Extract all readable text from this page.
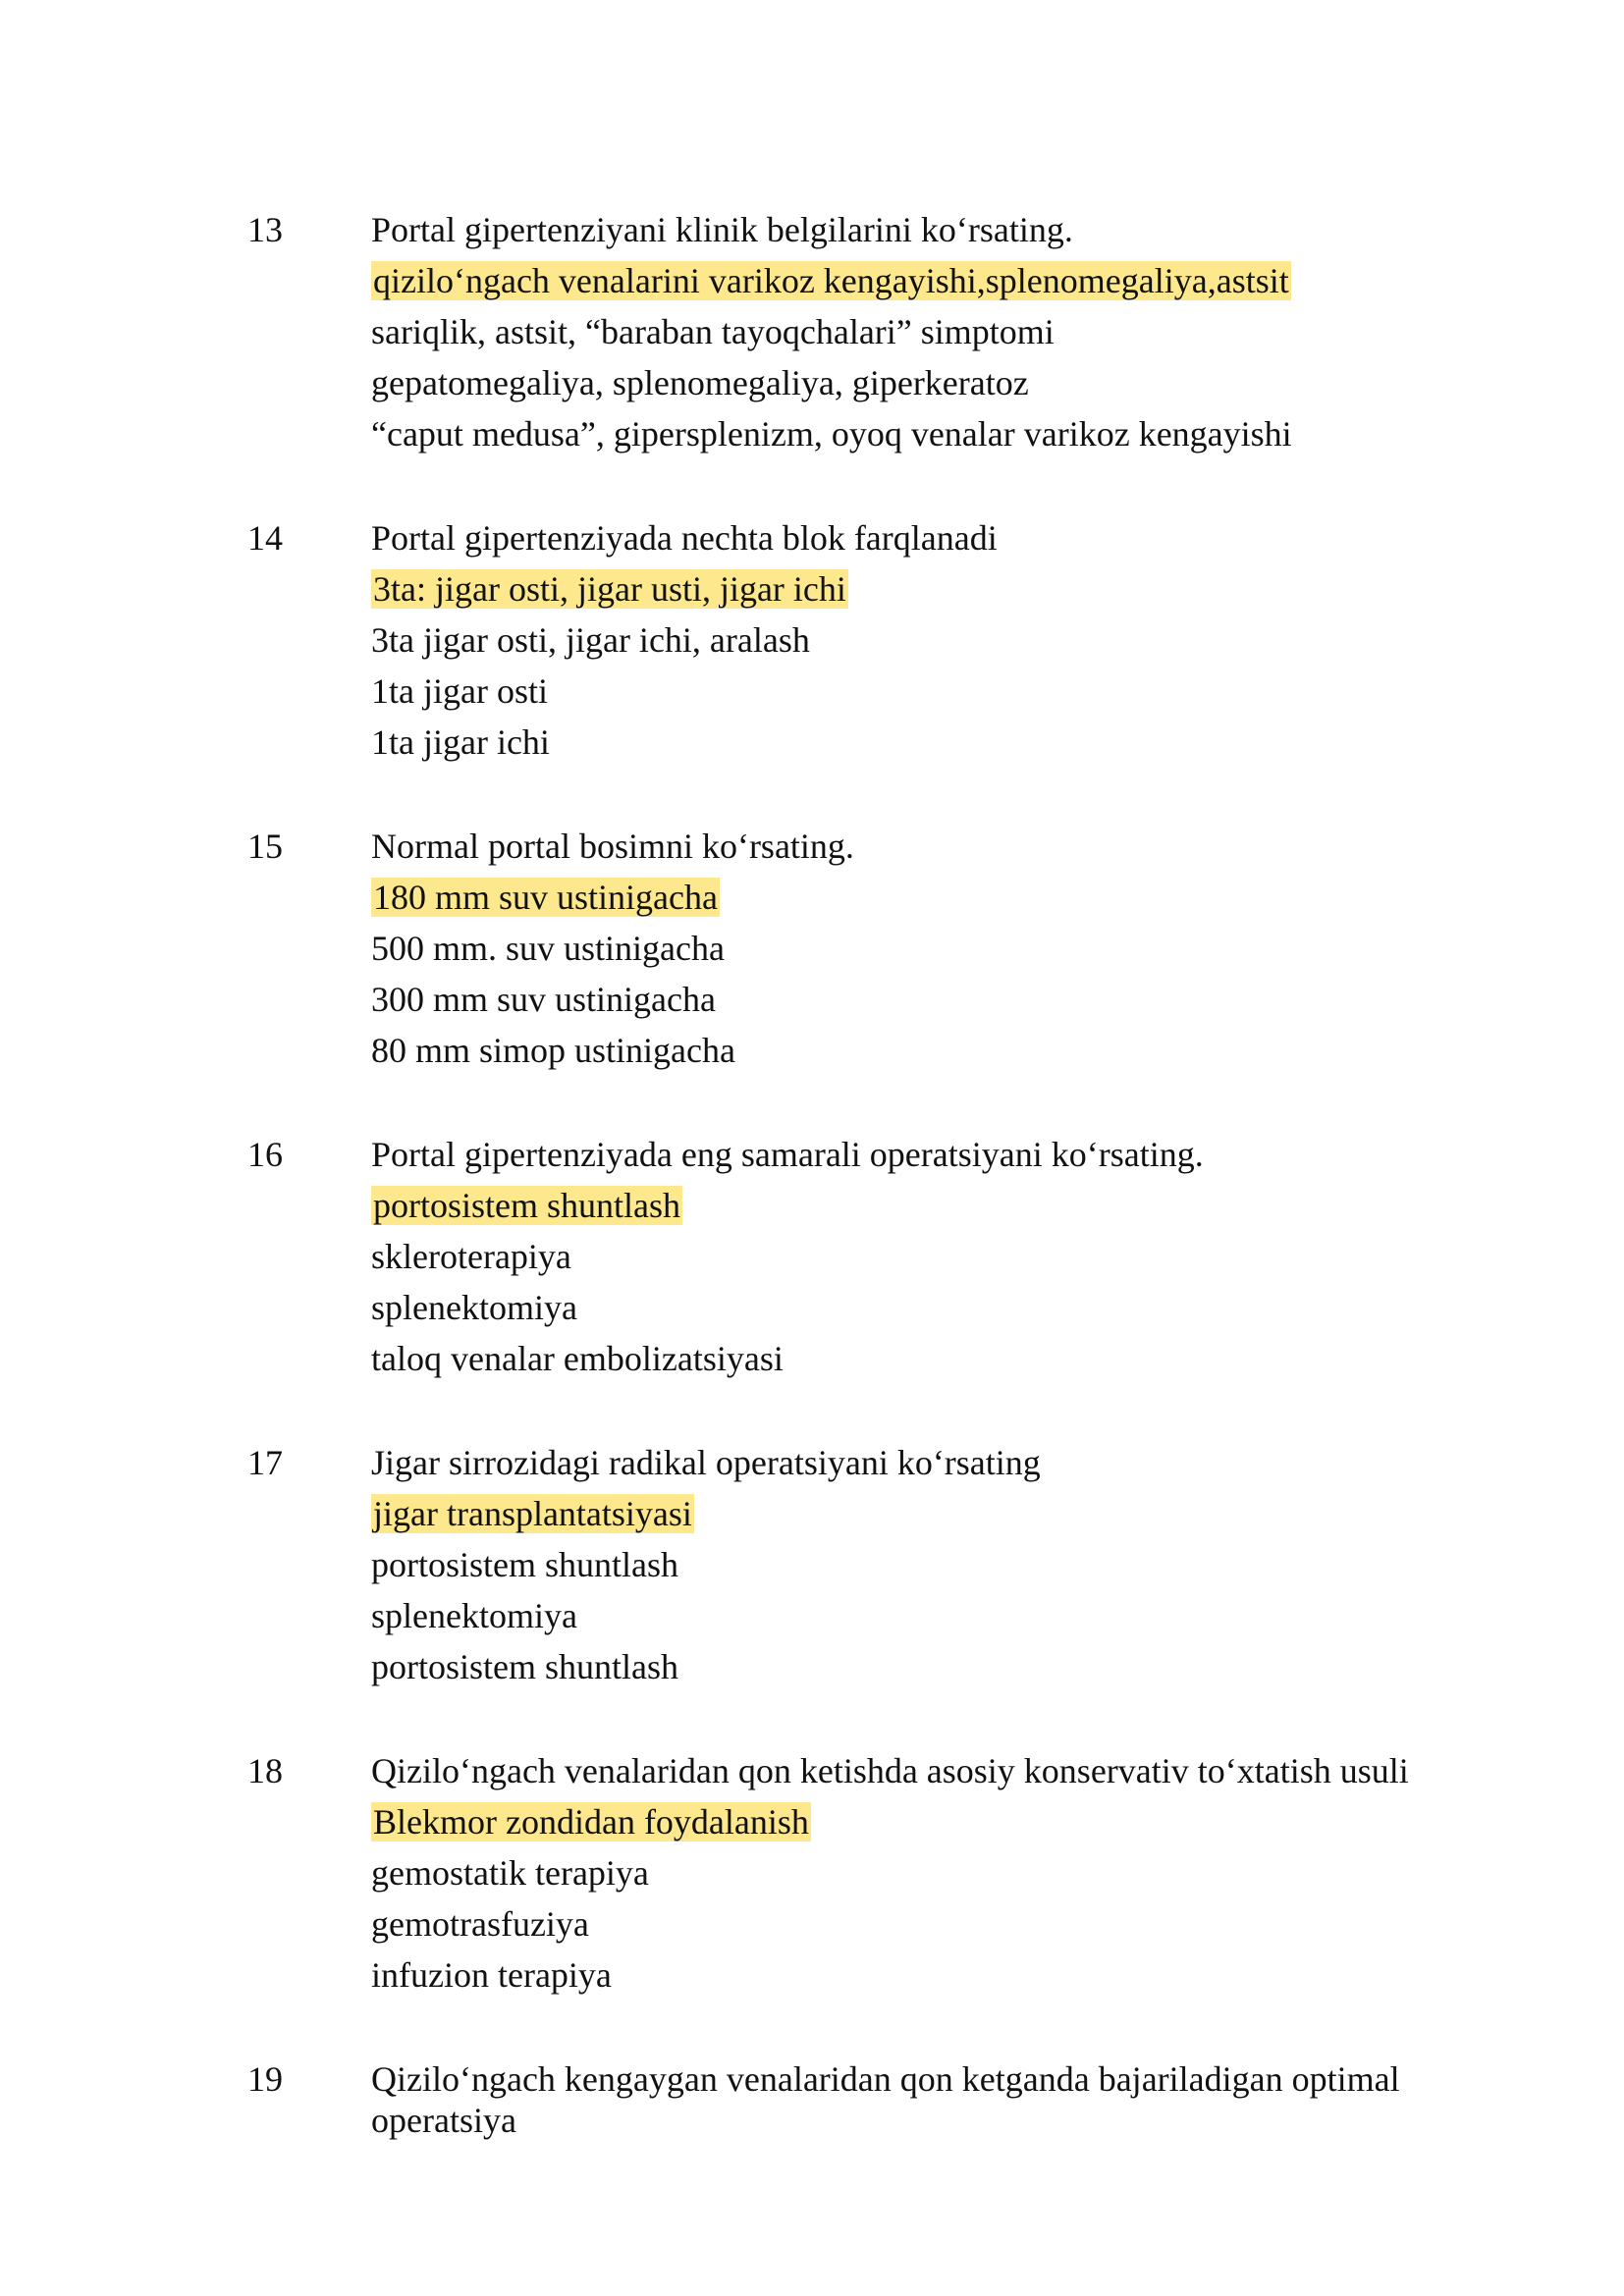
13	Portal gipertenziyani klinik belgilarini ko‘rsating.
qizilo‘ngach venalarini varikoz kengayishi,splenomegaliya,astsit
sariqlik, astsit, “baraban tayoqchalari” simptomi
gepatomegaliya, splenomegaliya, giperkeratoz
“caput medusa”, gipersplenizm, oyoq venalar varikoz kengayishi
14	Portal gipertenziyada nechta blok farqlanadi
3ta: jigar osti, jigar usti, jigar ichi
3ta jigar osti, jigar ichi, aralash
1ta jigar osti
1ta jigar ichi
15	Normal portal bosimni ko‘rsating.
180 mm suv ustinigacha
500 mm. suv ustinigacha
300 mm suv ustinigacha
80 mm simop ustinigacha
16	Portal gipertenziyada eng samarali operatsiyani ko‘rsating.
portosistem shuntlash
skleroterapiya
splenektomiya
taloq venalar embolizatsiyasi
17	Jigar sirrozidagi radikal operatsiyani ko‘rsating
jigar transplantatsiyasi
portosistem shuntlash
splenektomiya
portosistem shuntlash
18	Qizilo‘ngach venalaridan qon ketishda asosiy konservativ to‘xtatish usuli
Blekmor zondidan foydalanish
gemostatik terapiya
gemotrasfuziya
infuzion terapiya
19	Qizilo‘ngach kengaygan venalaridan qon ketganda bajariladigan optimal operatsiya
